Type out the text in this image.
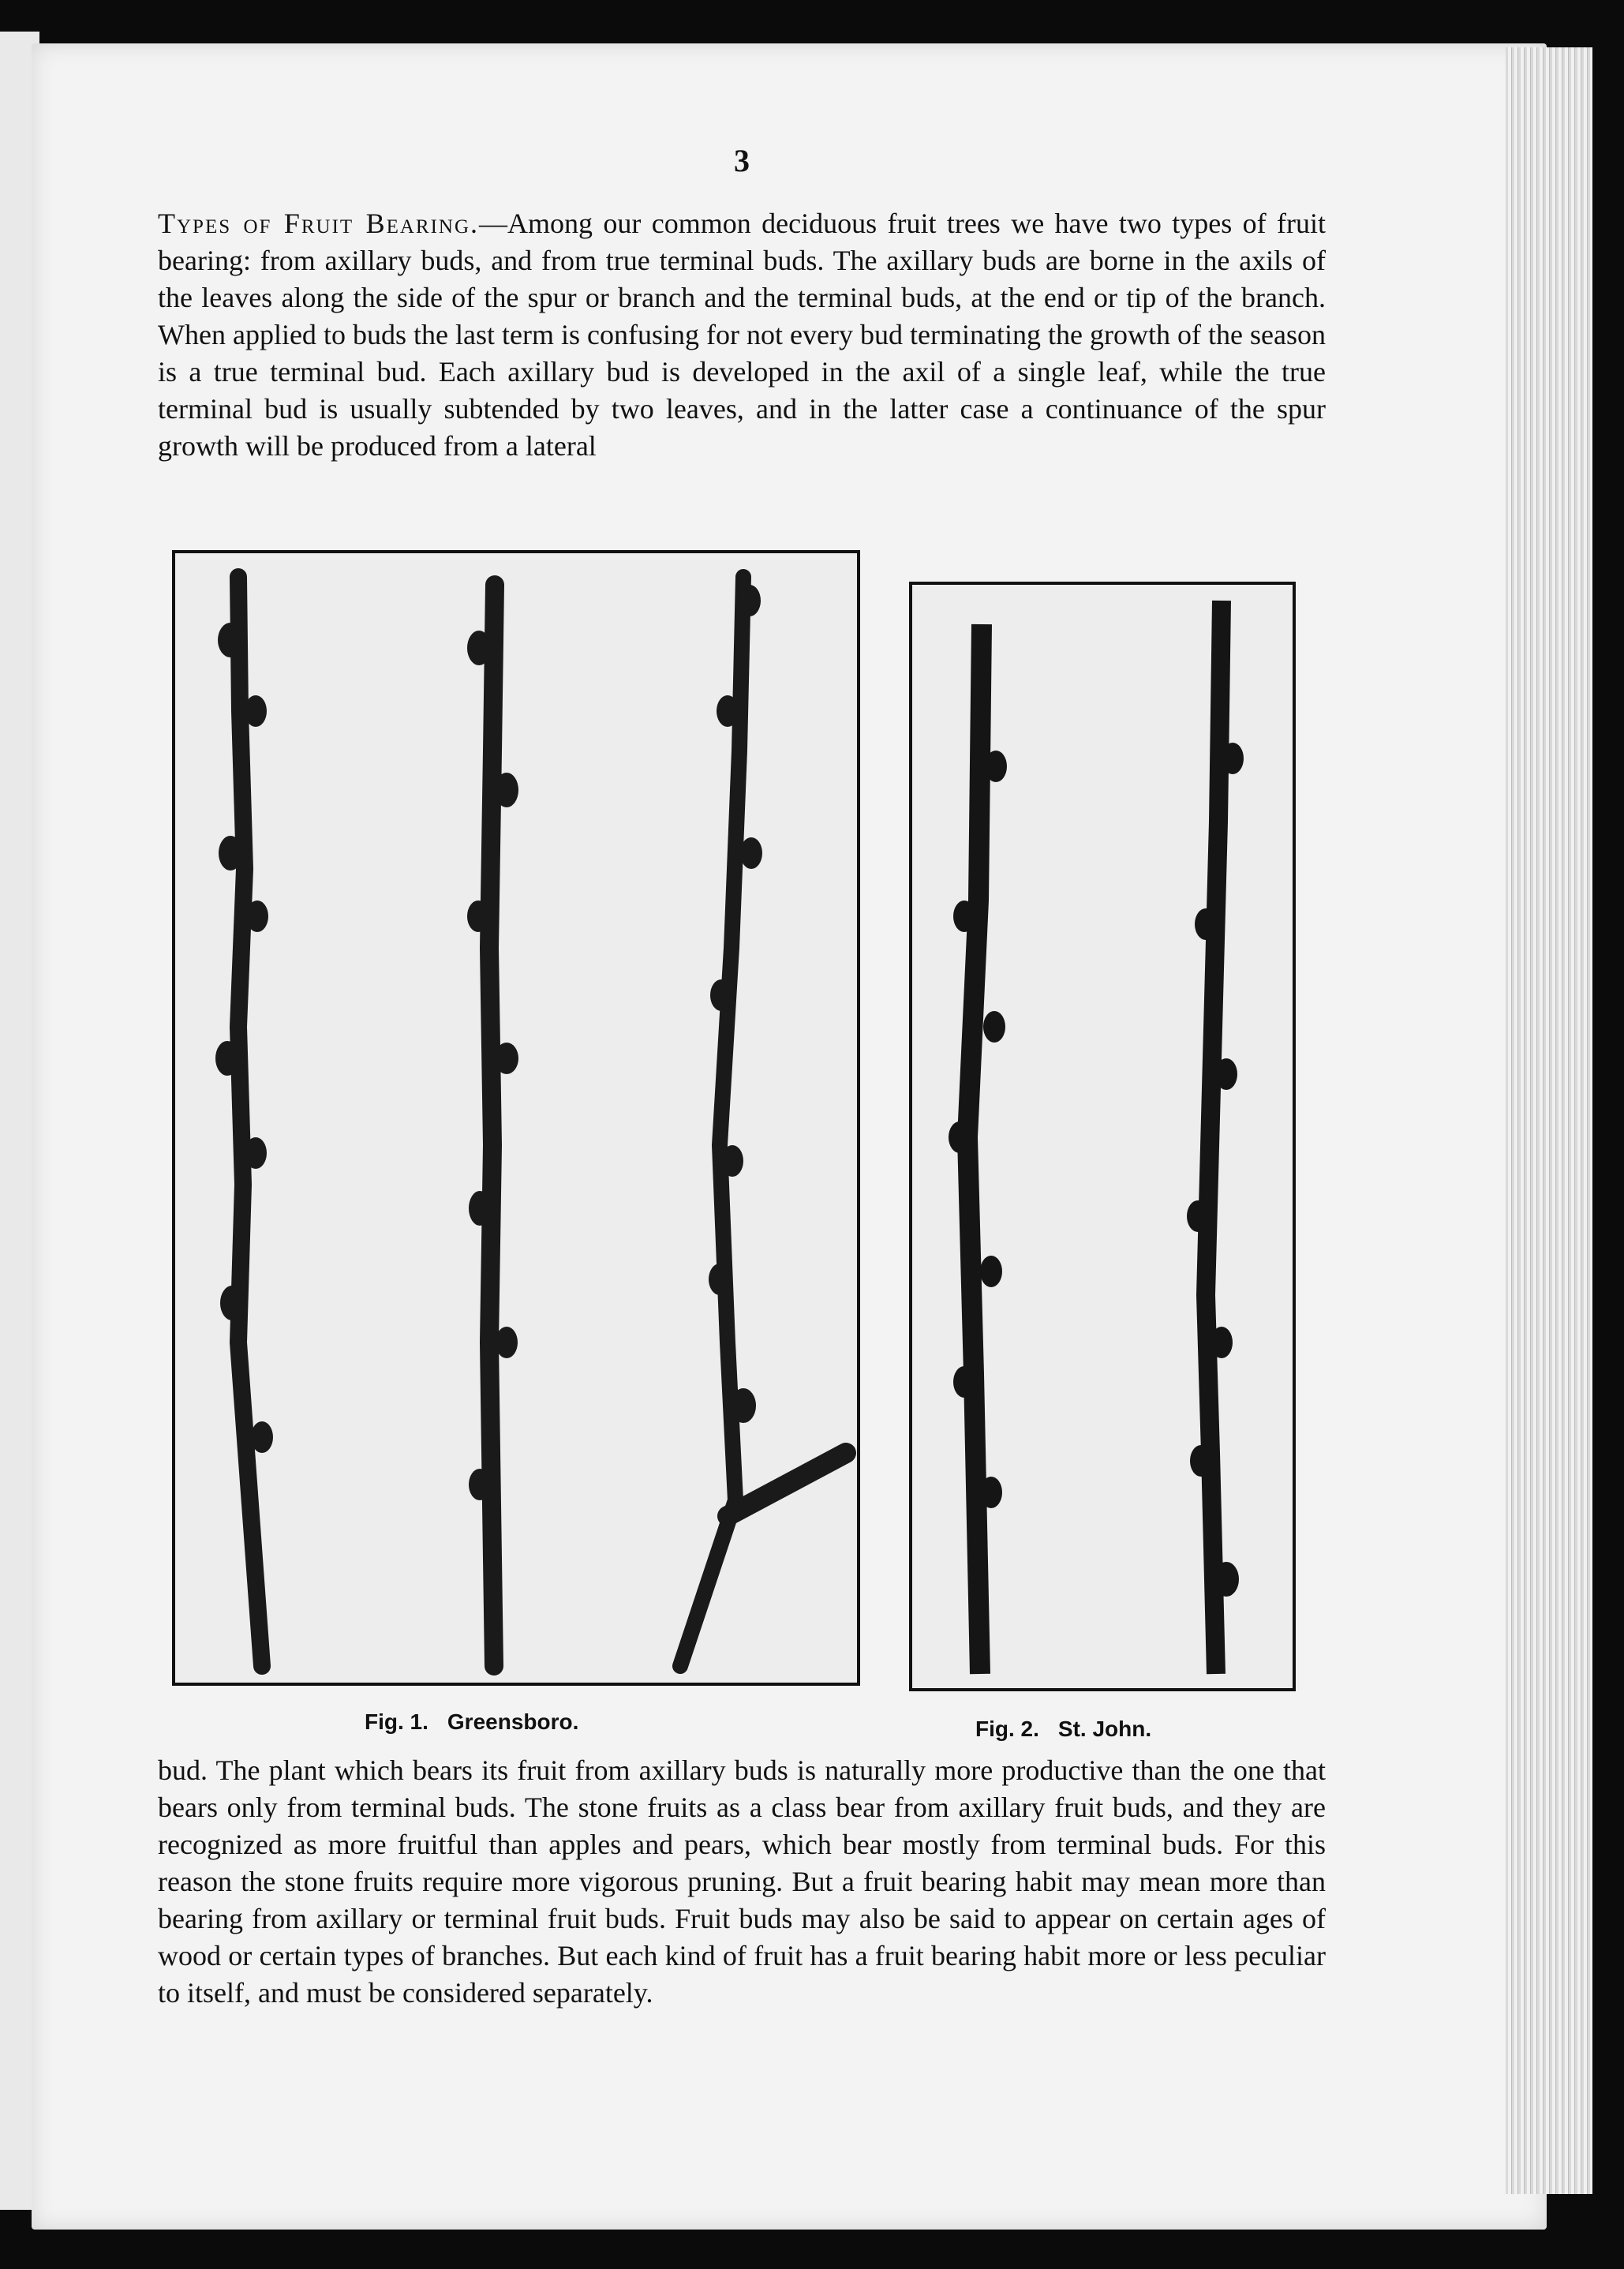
3

Types of Fruit Bearing.—Among our common deciduous fruit trees we have two types of fruit bearing: from axillary buds, and from true terminal buds. The axillary buds are borne in the axils of the leaves along the side of the spur or branch and the terminal buds, at the end or tip of the branch. When applied to buds the last term is confusing for not every bud terminating the growth of the season is a true terminal bud. Each axillary bud is developed in the axil of a single leaf, while the true terminal bud is usually subtended by two leaves, and in the latter case a continuance of the spur growth will be produced from a lateral

Fig. 1. Greensboro.	Fig. 2. St. John.

bud. The plant which bears its fruit from axillary buds is naturally more productive than the one that bears only from terminal buds. The stone fruits as a class bear from axillary fruit buds, and they are recognized as more fruitful than apples and pears, which bear mostly from terminal buds. For this reason the stone fruits require more vigorous pruning. But a fruit bearing habit may mean more than bearing from axillary or terminal fruit buds. Fruit buds may also be said to appear on certain ages of wood or certain types of branches. But each kind of fruit has a fruit bearing habit more or less peculiar to itself, and must be considered separately.
